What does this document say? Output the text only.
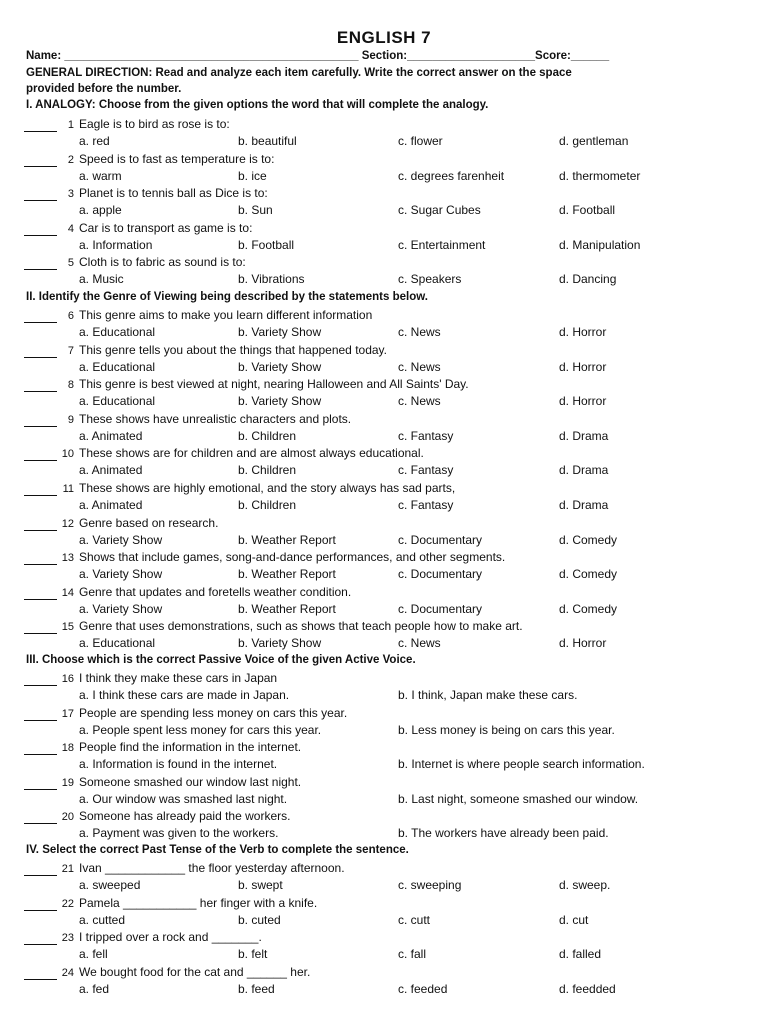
ENGLISH 7
Name: ______________________________________________ Section:____________________Score:______
GENERAL DIRECTION: Read and analyze each item carefully. Write the correct answer on the space
provided before the number.
I. ANALOGY: Choose from the given options the word that will complete the analogy.
1 Eagle is to bird as rose is to:
a. red	b. beautiful	c. flower	d. gentleman
2 Speed is to fast as temperature is to:
a. warm	b. ice	c. degrees farenheit	d. thermometer
3 Planet is to tennis ball as Dice is to:
a. apple	b. Sun	c. Sugar Cubes	d. Football
4 Car is to transport as game is to:
a. Information	b. Football	c. Entertainment	d. Manipulation
5 Cloth is to fabric as sound is to:
a. Music	b. Vibrations	c. Speakers	d. Dancing
II. Identify the Genre of Viewing being described by the statements below.
6 This genre aims to make you learn different information
a. Educational	b. Variety Show	c. News	d. Horror
7 This genre tells you about the things that happened today.
a. Educational	b. Variety Show	c. News	d. Horror
8 This genre is best viewed at night, nearing Halloween and All Saints' Day.
a. Educational	b. Variety Show	c. News	d. Horror
9 These shows have unrealistic characters and plots.
a. Animated	b. Children	c. Fantasy	d. Drama
10 These shows are for children and are almost always educational.
a. Animated	b. Children	c. Fantasy	d. Drama
11 These shows are highly emotional, and the story always has sad parts,
a. Animated	b. Children	c. Fantasy	d. Drama
12 Genre based on research.
a. Variety Show	b. Weather Report	c. Documentary	d. Comedy
13 Shows that include games, song-and-dance performances, and other segments.
a. Variety Show	b. Weather Report	c. Documentary	d. Comedy
14 Genre that updates and foretells weather condition.
a. Variety Show	b. Weather Report	c. Documentary	d. Comedy
15 Genre that uses demonstrations, such as shows that teach people how to make art.
a. Educational	b. Variety Show	c. News	d. Horror
III. Choose which is the correct Passive Voice of the given Active Voice.
16 I think they make these cars in Japan
a. I think these cars are made in Japan.	b. I think, Japan make these cars.
17 People are spending less money on cars this year.
a. People spent less money for cars this year.	b. Less money is being on cars this year.
18 People find the information in the internet.
a. Information is found in the internet.	b. Internet is where people search information.
19 Someone smashed our window last night.
a. Our window was smashed last night.	b. Last night, someone smashed our window.
20 Someone has already paid the workers.
a. Payment was given to the workers.	b. The workers have already been paid.
IV. Select the correct Past Tense of the Verb to complete the sentence.
21 Ivan ____________ the floor yesterday afternoon.
a. sweeped	b. swept	c. sweeping	d. sweep.
22 Pamela ___________ her finger with a knife.
a. cutted	b. cuted	c. cutt	d. cut
23 I tripped over a rock and _______.
a. fell	b. felt	c. fall	d. falled
24 We bought food for the cat and ______ her.
a. fed	b. feed	c. feeded	d. feedded
